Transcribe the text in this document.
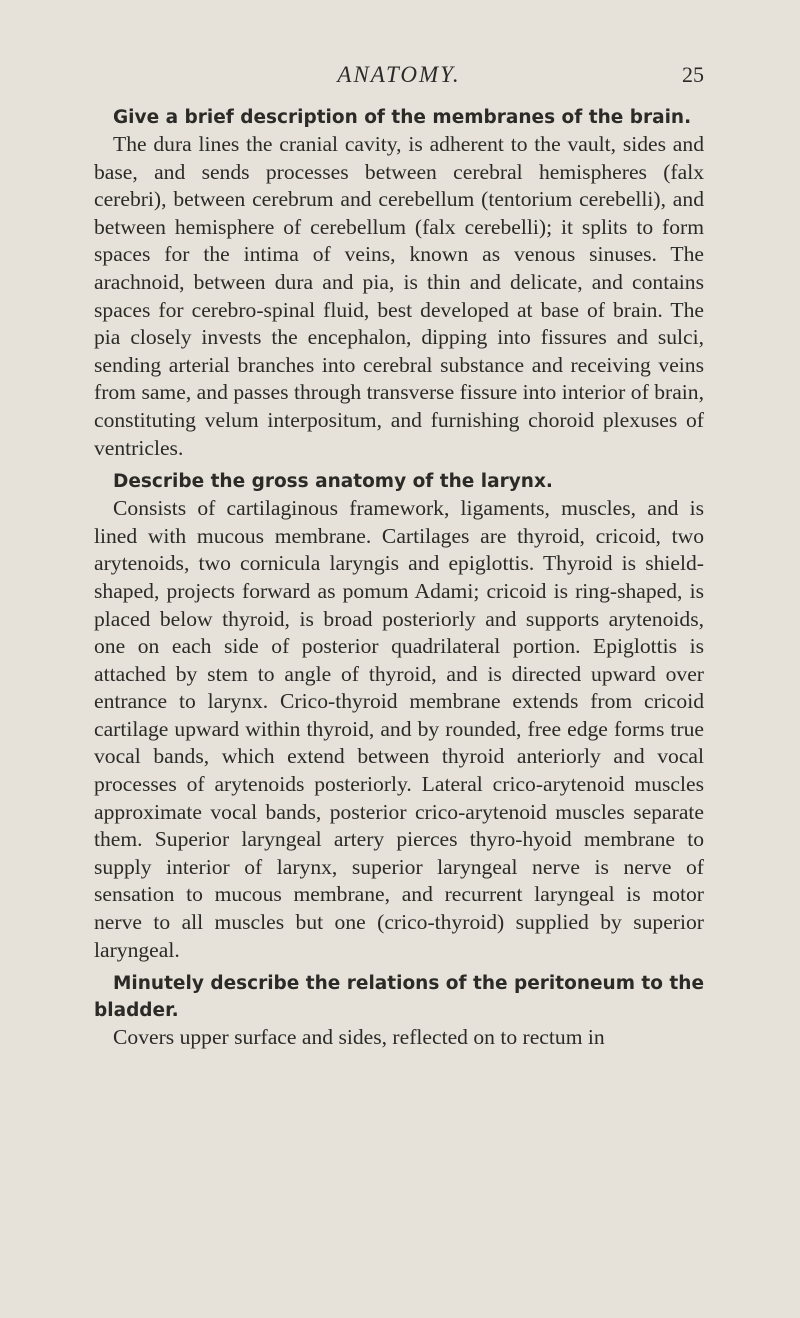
ANATOMY.	25

Give a brief description of the membranes of the brain.

The dura lines the cranial cavity, is adherent to the vault, sides and base, and sends processes between cerebral hemispheres (falx cerebri), between cerebrum and cerebellum (tentorium cerebelli), and between hemisphere of cerebellum (falx cerebelli); it splits to form spaces for the intima of veins, known as venous sinuses. The arachnoid, between dura and pia, is thin and delicate, and contains spaces for cerebro-spinal fluid, best developed at base of brain. The pia closely invests the encephalon, dipping into fissures and sulci, sending arterial branches into cerebral substance and receiving veins from same, and passes through transverse fissure into interior of brain, constituting velum interpositum, and furnishing choroid plexuses of ventricles.

Describe the gross anatomy of the larynx.

Consists of cartilaginous framework, ligaments, muscles, and is lined with mucous membrane. Cartilages are thyroid, cricoid, two arytenoids, two cornicula laryngis and epiglottis. Thyroid is shield-shaped, projects forward as pomum Adami; cricoid is ring-shaped, is placed below thyroid, is broad posteriorly and supports arytenoids, one on each side of posterior quadrilateral portion. Epiglottis is attached by stem to angle of thyroid, and is directed upward over entrance to larynx. Crico-thyroid membrane extends from cricoid cartilage upward within thyroid, and by rounded, free edge forms true vocal bands, which extend between thyroid anteriorly and vocal processes of arytenoids posteriorly. Lateral crico-arytenoid muscles approximate vocal bands, posterior crico-arytenoid muscles separate them. Superior laryngeal artery pierces thyro-hyoid membrane to supply interior of larynx, superior laryngeal nerve is nerve of sensation to mucous membrane, and recurrent laryngeal is motor nerve to all muscles but one (crico-thyroid) supplied by superior laryngeal.

Minutely describe the relations of the peritoneum to the bladder.

Covers upper surface and sides, reflected on to rectum in
